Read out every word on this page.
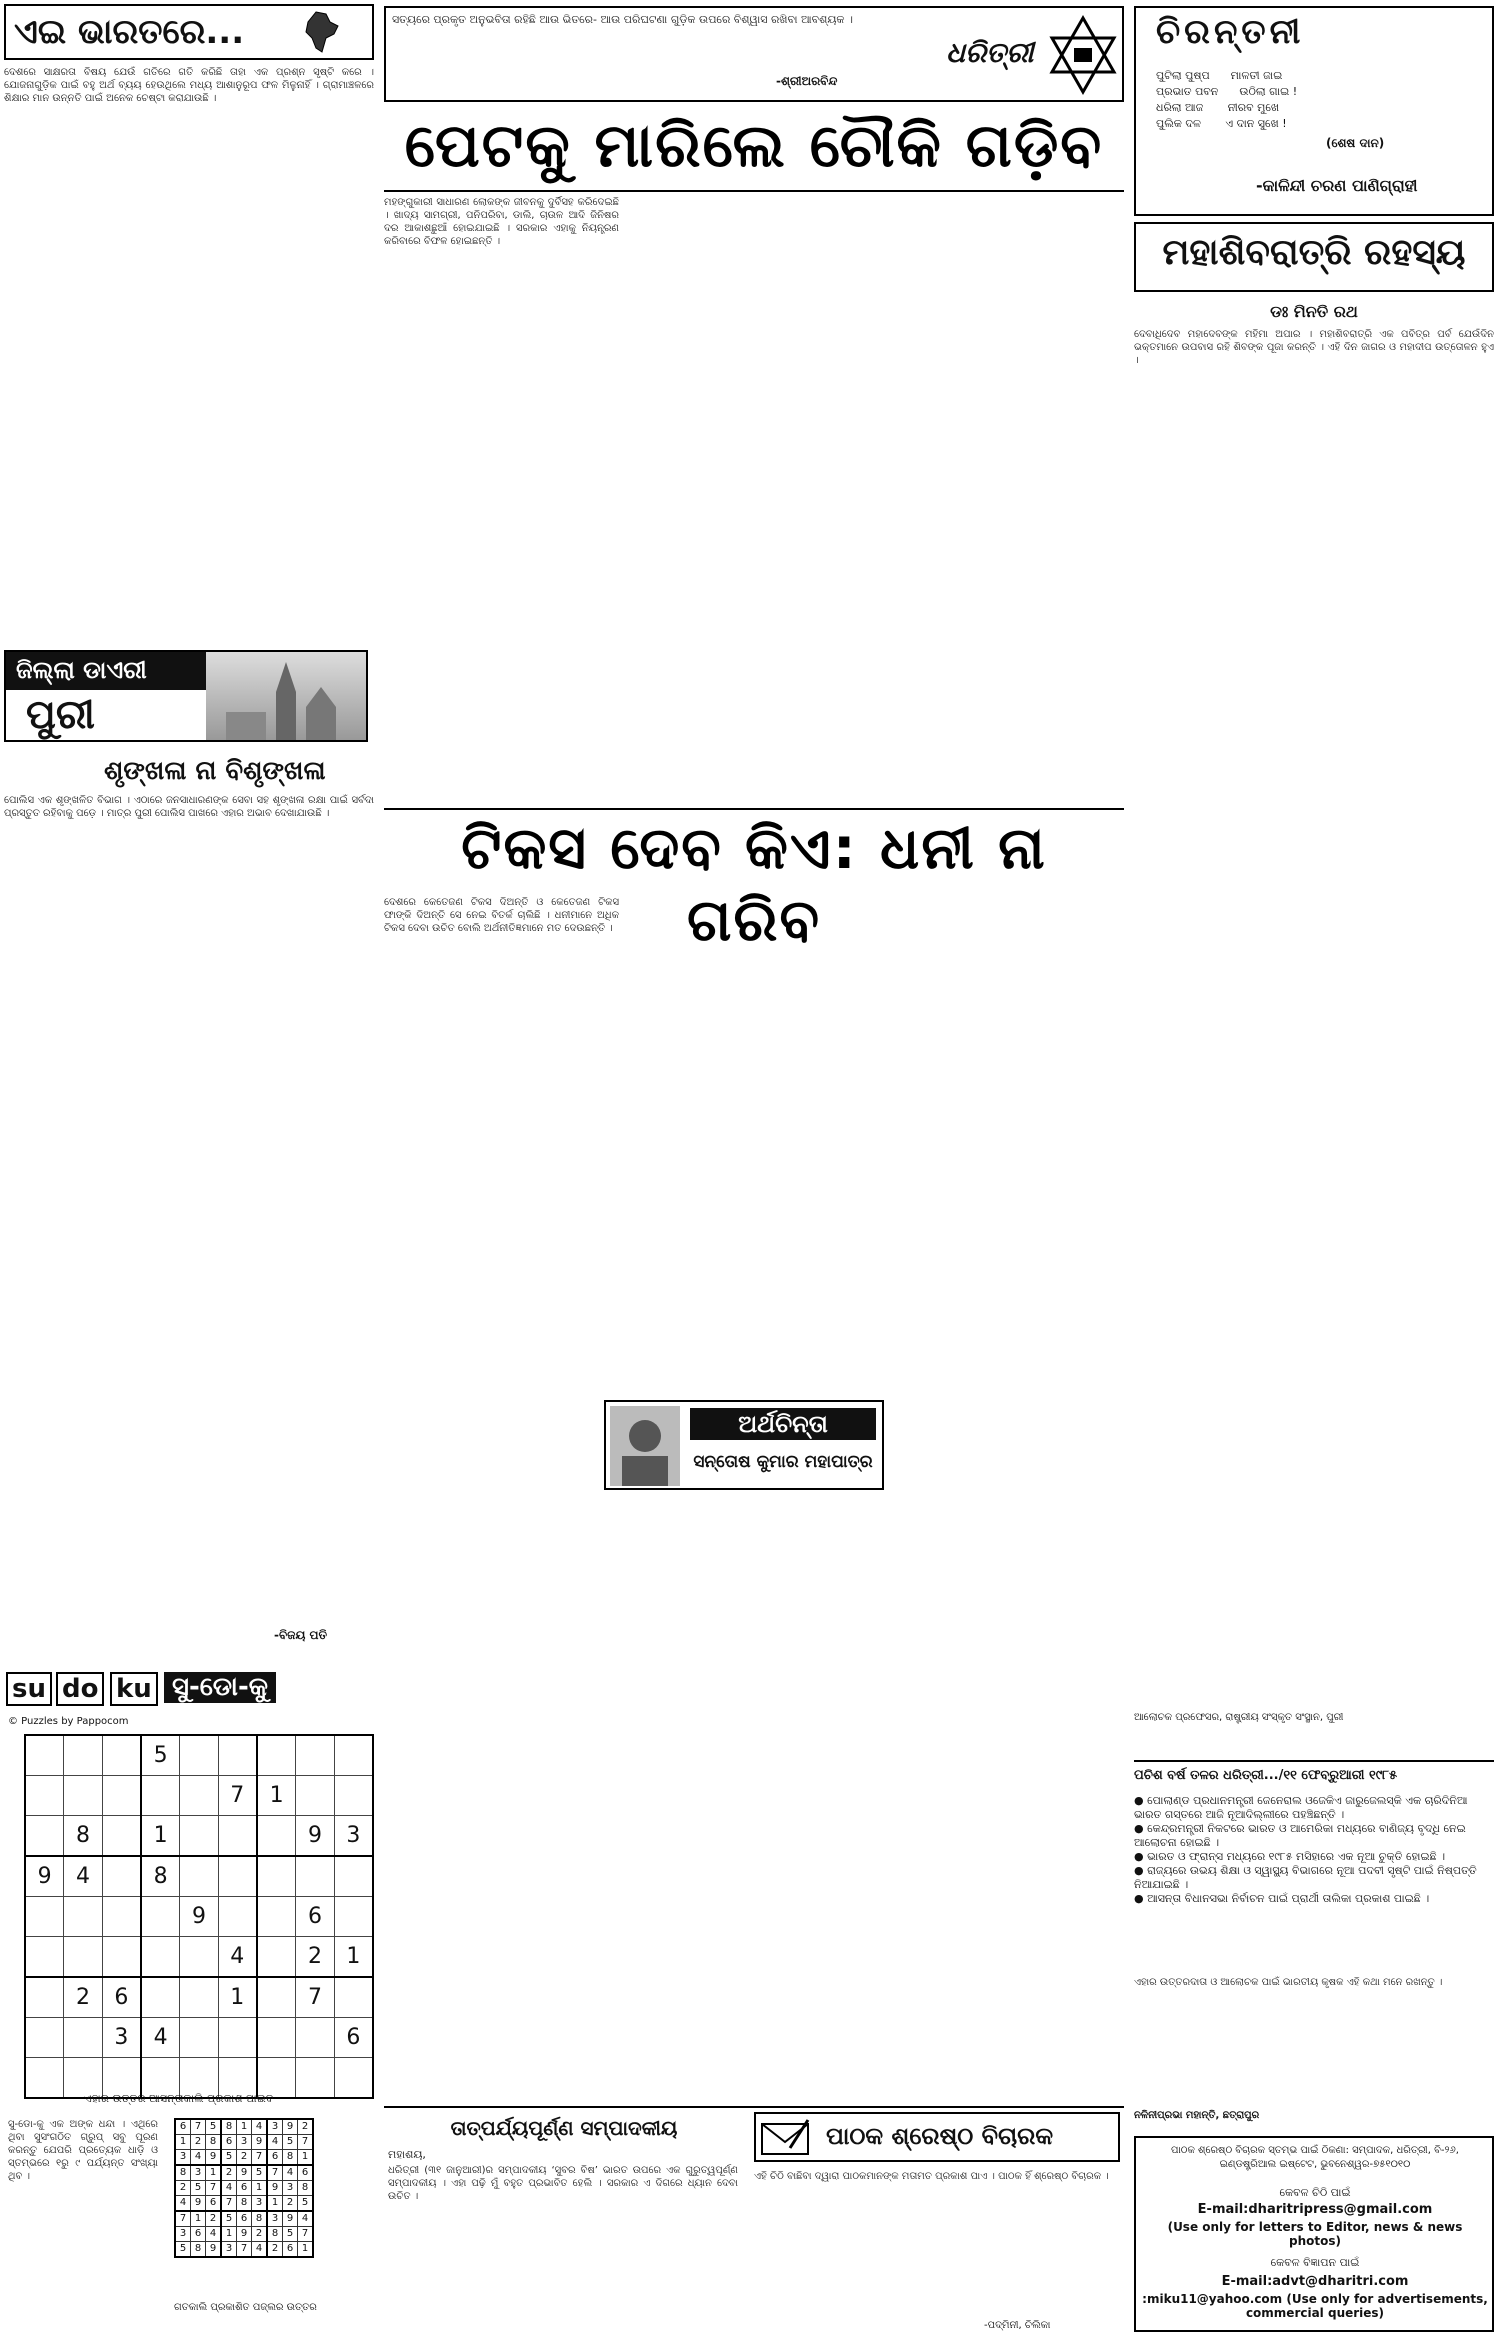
ଏଇ ଭାରତରେ...
ଦେଶରେ ସାକ୍ଷରତା ବିଷୟ ଯେଉଁ ଗତିରେ ଗତି କରିଛି ତାହା ଏକ ପ୍ରଶ୍ନ ସୃଷ୍ଟି କରେ । ଯୋଜନାଗୁଡ଼ିକ ପାଇଁ ବହୁ ଅର୍ଥ ବ୍ୟୟ ହେଉଥିଲେ ମଧ୍ୟ ଆଶାନୁରୂପ ଫଳ ମିଳୁନାହିଁ । ଗ୍ରାମାଞ୍ଚଳରେ ଶିକ୍ଷାର ମାନ ଉନ୍ନତି ପାଇଁ ଅନେକ ଚେଷ୍ଟା କରାଯାଉଛି ।
ଜିଲ୍ଲା ଡାଏରୀ
ପୁରୀ
ଶୃଙ୍ଖଳା ନା ବିଶୃଙ୍ଖଳା
ପୋଲିସ ଏକ ଶୃଙ୍ଖଳିତ ବିଭାଗ । ଏଠାରେ ଜନସାଧାରଣଙ୍କ ସେବା ସହ ଶୃଙ୍ଖଳା ରକ୍ଷା ପାଇଁ ସର୍ବଦା ପ୍ରସ୍ତୁତ ରହିବାକୁ ପଡ଼େ । ମାତ୍ର ପୁରୀ ପୋଲିସ ପାଖରେ ଏହାର ଅଭାବ ଦେଖାଯାଉଛି ।
-ବିଜୟ ପତି
su do ku ସୁ-ଡୋ-କୁ
© Puzzles by Pappocom
			5					
					7	1		
	8		1				9	3
9	4		8					
				9			6	
					4		2	1
	2	6			1		7	
		3	4					6

ଏହାର ଉତ୍ତର ଆସନ୍ତାକାଲି ପ୍ରକାଶ ପାଇବ
ସୁ-ଡୋ-କୁ ଏକ ଅଙ୍କ ଧନ୍ଦା । ଏଥିରେ ଥିବା ସୁସଂଗଠିତ ଗ୍ରୁପ୍ ସବୁ ପୂରଣ କରନ୍ତୁ ଯେପରି ପ୍ରତ୍ୟେକ ଧାଡ଼ି ଓ ସ୍ତମ୍ଭରେ ୧ରୁ ୯ ପର୍ଯ୍ୟନ୍ତ ସଂଖ୍ୟା ଥିବ ।
6	7	5	8	1	4	3	9	2
1	2	8	6	3	9	4	5	7
3	4	9	5	2	7	6	8	1
8	3	1	2	9	5	7	4	6
2	5	7	4	6	1	9	3	8
4	9	6	7	8	3	1	2	5
7	1	2	5	6	8	3	9	4
3	6	4	1	9	2	8	5	7
5	8	9	3	7	4	2	6	1
ଗତକାଲି ପ୍ରକାଶିତ ପଜ୍‌ଲର ଉତ୍ତର
ସତ୍ୟରେ ପ୍ରକୃତ ଅନୁଭବିତା ରହିଛି ଆଉ ଭିତରେ- ଆଉ ପରିଘଟଣା ଗୁଡ଼ିକ ଉପରେ ବିଶ୍ୱାସ ରଖିବା ଆବଶ୍ୟକ ।
-ଶ୍ରୀଅରବିନ୍ଦ
ଧରିତ୍ରୀ
ପେଟକୁ ମାରିଲେ ଚୌକି ଗଡ଼ିବ
ମହଙ୍ଗୁକାରୀ ସାଧାରଣ ଲୋକଙ୍କ ଜୀବନକୁ ଦୁର୍ବିସହ କରିଦେଇଛି । ଖାଦ୍ୟ ସାମଗ୍ରୀ, ପନିପରିବା, ଡାଲି, ଚାଉଳ ଆଦି ଜିନିଷର ଦର ଆକାଶଛୁଆଁ ହୋଇଯାଇଛି । ସରକାର ଏହାକୁ ନିୟନ୍ତ୍ରଣ କରିବାରେ ବିଫଳ ହୋଇଛନ୍ତି ।
ଟିକସ ଦେବ କିଏ: ଧନୀ ନା ଗରିବ
ଦେଶରେ କେତେଜଣ ଟିକସ ଦିଅନ୍ତି ଓ କେତେଜଣ ଟିକସ ଫାଙ୍କି ଦିଅନ୍ତି ସେ ନେଇ ବିତର୍କ ଚାଲିଛି । ଧନୀମାନେ ଅଧିକ ଟିକସ ଦେବା ଉଚିତ ବୋଲି ଅର୍ଥନୀତିଜ୍ଞମାନେ ମତ ଦେଉଛନ୍ତି ।
ଅର୍ଥଚିନ୍ତା
ସନ୍ତୋଷ କୁମାର ମହାପାତ୍ର
ଚିରନ୍ତନୀ
ପୁଟିଲା ପୁଷ୍ପ      ମାଳତୀ ଜାଇ
ପ୍ରଭାତ ପବନ      ଉଠିଲା ଗାଇ !
ଧରିଲା ଆଜ       ନୀରବ ମୁଖେ
ପୁଲିକ ଦଳ       ଏ ଦାନ ସୁଖେ !
(ଶେଷ ଦାନ)
-କାଳିନ୍ଦୀ ଚରଣ ପାଣିଗ୍ରାହୀ
ମହାଶିବରାତ୍ରି ରହସ୍ୟ
ଡଃ ମିନତି ରଥ
ଦେବାଧିଦେବ ମହାଦେବଙ୍କ ମହିମା ଅପାର । ମହାଶିବରାତ୍ରି ଏକ ପବିତ୍ର ପର୍ବ ଯେଉଁଦିନ ଭକ୍ତମାନେ ଉପବାସ ରହି ଶିବଙ୍କ ପୂଜା କରନ୍ତି । ଏହି ଦିନ ଜାଗର ଓ ମହାଦୀପ ଉତ୍ତୋଳନ ହୁଏ ।
ଆଲୋଚକ ପ୍ରଫେସର, ରାଷ୍ଟ୍ରୀୟ ସଂସ୍କୃତ ସଂସ୍ଥାନ, ପୁରୀ
ପଚିଶ ବର୍ଷ ତଳର ଧରିତ୍ରୀ.../୧୧ ଫେବ୍ରୁଆରୀ ୧୯୮୫
● ପୋଲାଣ୍ଡ ପ୍ରଧାନମନ୍ତ୍ରୀ ଜେନେରାଲ ଓଜେକିଏ ଜାରୁଜେଲସ୍କି ଏକ ଚାରିଦିନିଆ ଭାରତ ଗସ୍ତରେ ଆଜି ନୂଆଦିଲ୍ଲୀରେ ପହଞ୍ଚିଛନ୍ତି ।
● କେନ୍ଦ୍ରମନ୍ତ୍ରୀ ନିକଟରେ ଭାରତ ଓ ଆମେରିକା ମଧ୍ୟରେ ବାଣିଜ୍ୟ ବୃଦ୍ଧି ନେଇ ଆଲୋଚନା ହୋଇଛି ।
● ଭାରତ ଓ ଫ୍ରାନ୍ସ ମଧ୍ୟରେ ୧୯୮୫ ମସିହାରେ ଏକ ନୂଆ ଚୁକ୍ତି ହୋଇଛି ।
● ରାଜ୍ୟରେ ଉଭୟ ଶିକ୍ଷା ଓ ସ୍ୱାସ୍ଥ୍ୟ ବିଭାଗରେ ନୂଆ ପଦବୀ ସୃଷ୍ଟି ପାଇଁ ନିଷ୍ପତ୍ତି ନିଆଯାଇଛି ।
● ଆସନ୍ତା ବିଧାନସଭା ନିର୍ବାଚନ ପାଇଁ ପ୍ରାର୍ଥୀ ତାଲିକା ପ୍ରକାଶ ପାଇଛି ।
ତାତ୍ପର୍ଯ୍ୟପୂର୍ଣ୍ଣ ସମ୍ପାଦକୀୟ
ମହାଶୟ,
ଧରିତ୍ରୀ (୩୧ ଜାନୁଆରୀ)ର ସମ୍ପାଦକୀୟ ‘ସୁବର ବିଷ’ ଭାରତ ଉପରେ ଏକ ଗୁରୁତ୍ୱପୂର୍ଣ୍ଣ ସମ୍ପାଦକୀୟ । ଏହା ପଢ଼ି ମୁଁ ବହୁତ ପ୍ରଭାବିତ ହେଲି । ସରକାର ଏ ଦିଗରେ ଧ୍ୟାନ ଦେବା ଉଚିତ ।
ପାଠକ ଶ୍ରେଷ୍ଠ ବିଚାରକ
ଏହି ଚିଠି ବାଛିବା ଦ୍ୱାରା ପାଠକମାନଙ୍କ ମତାମତ ପ୍ରକାଶ ପାଏ । ପାଠକ ହିଁ ଶ୍ରେଷ୍ଠ ବିଚାରକ ।
-ପଦ୍ମିନୀ, ଚିଲିକା
ଏହାର ଉତ୍ତରଦାତା ଓ ଆଲୋଚକ ପାଇଁ ଭାରତୀୟ କୃଷକ ଏହି କଥା ମନେ ରଖନ୍ତୁ ।
ନଳିନୀପ୍ରଭା ମହାନ୍ତି, ଛତ୍ରାପୁର
ପାଠକ ଶ୍ରେଷ୍ଠ ବିଚାରକ ସ୍ତମ୍ଭ ପାଇଁ ଠିକଣା: ସମ୍ପାଦକ, ଧରିତ୍ରୀ, ବି-୨୬, ଇଣ୍ଡଷ୍ଟ୍ରିଆଲ ଇଷ୍ଟେଟ, ଭୁବନେଶ୍ୱର-୭୫୧୦୧୦
କେବଳ ଚିଠି ପାଇଁ
E-mail:dharitripress@gmail.com
(Use only for letters to Editor, news & news photos)
କେବଳ ବିଜ୍ଞାପନ ପାଇଁ
E-mail:advt@dharitri.com
:miku11@yahoo.com (Use only for advertisements, commercial queries)
